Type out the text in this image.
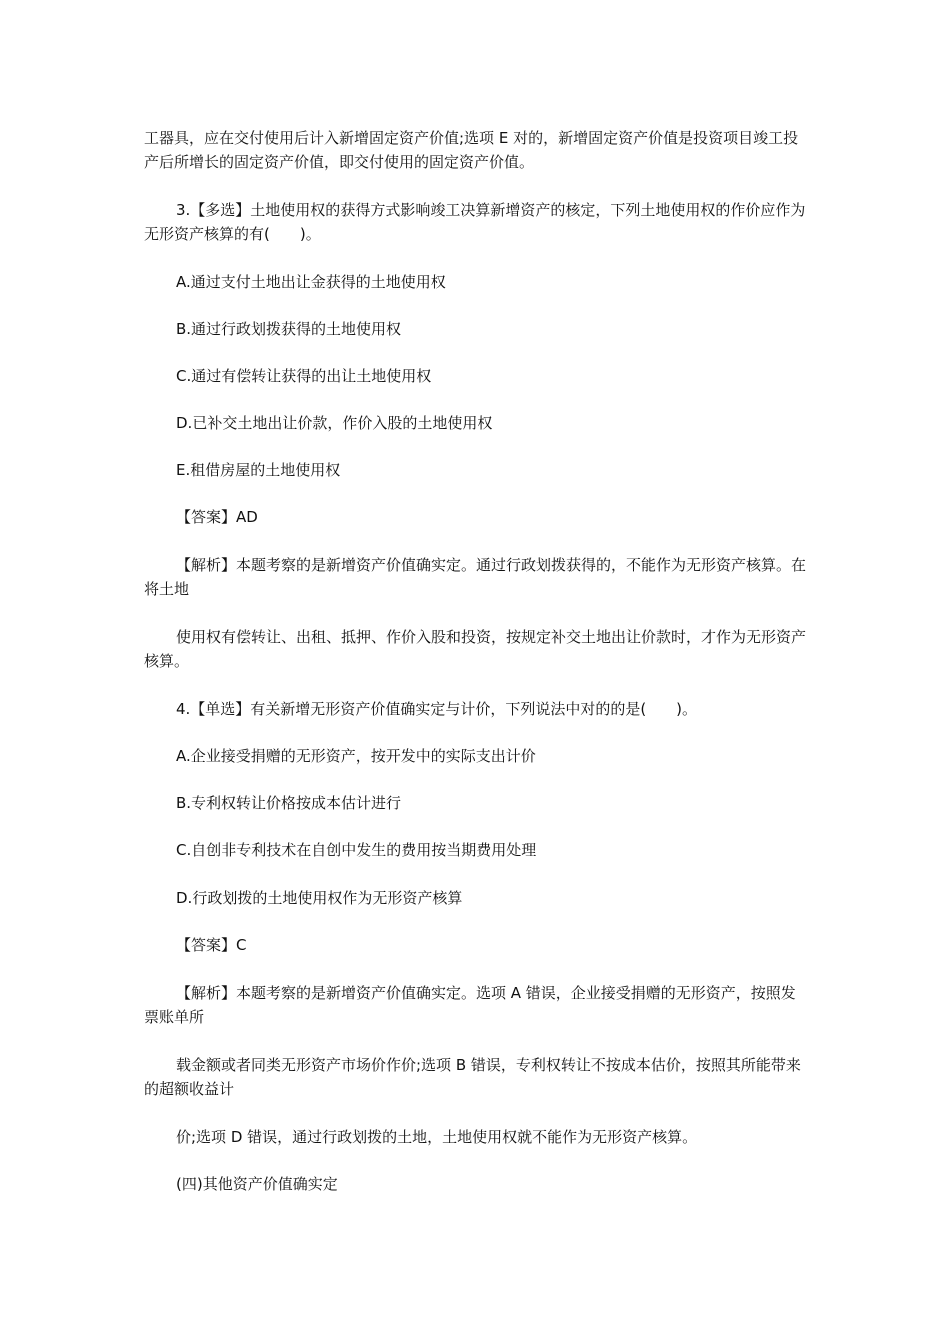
工器具，应在交付使用后计入新增固定资产价值;选项 E 对的，新增固定资产价值是投资项目竣工投产后所增长的固定资产价值，即交付使用的固定资产价值。

3.【多选】土地使用权的获得方式影响竣工决算新增资产的核定，下列土地使用权的作价应作为无形资产核算的有(　　)。

A.通过支付土地出让金获得的土地使用权

B.通过行政划拨获得的土地使用权

C.通过有偿转让获得的出让土地使用权

D.已补交土地出让价款，作价入股的土地使用权

E.租借房屋的土地使用权

【答案】AD

【解析】本题考察的是新增资产价值确实定。通过行政划拨获得的，不能作为无形资产核算。在将土地

使用权有偿转让、出租、抵押、作价入股和投资，按规定补交土地出让价款时，才作为无形资产核算。

4.【单选】有关新增无形资产价值确实定与计价，下列说法中对的的是(　　)。

A.企业接受捐赠的无形资产，按开发中的实际支出计价

B.专利权转让价格按成本估计进行

C.自创非专利技术在自创中发生的费用按当期费用处理

D.行政划拨的土地使用权作为无形资产核算

【答案】C

【解析】本题考察的是新增资产价值确实定。选项 A 错误，企业接受捐赠的无形资产，按照发票账单所

载金额或者同类无形资产市场价作价;选项 B 错误，专利权转让不按成本估价，按照其所能带来的超额收益计

价;选项 D 错误，通过行政划拨的土地，土地使用权就不能作为无形资产核算。

(四)其他资产价值确实定
